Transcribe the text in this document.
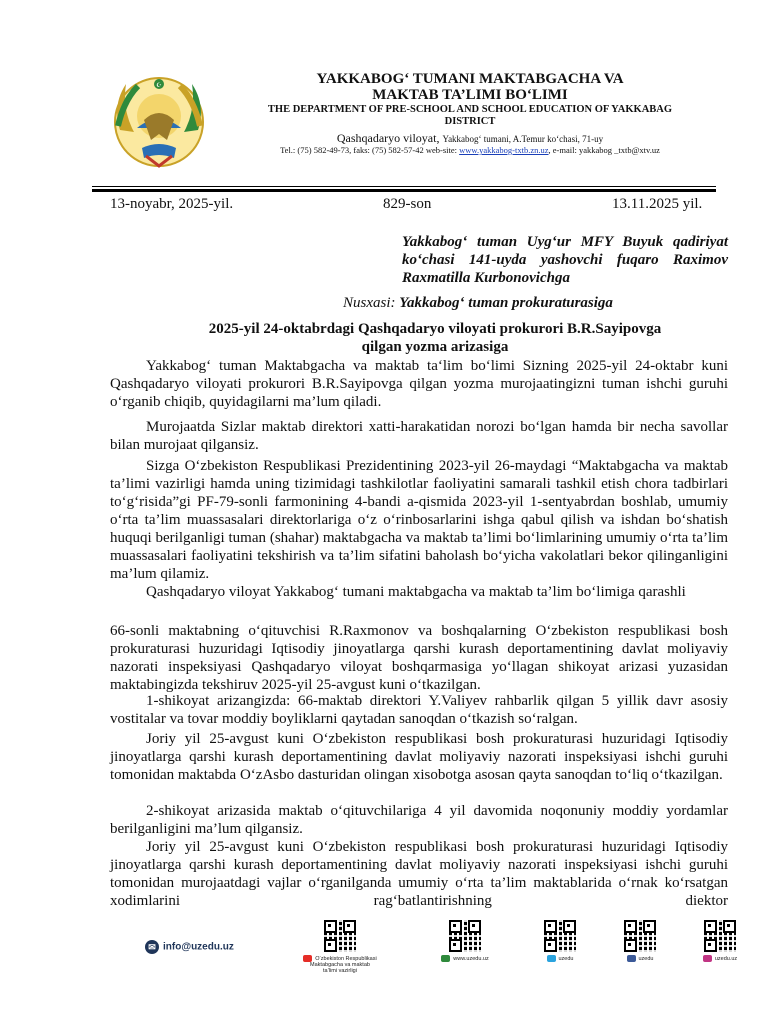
☪	YAKKABOG‘ TUMANI MAKTABGACHA VA
MAKTAB TA’LIMI BO‘LIMI
THE DEPARTMENT OF PRE-SCHOOL AND SCHOOL EDUCATION OF YAKKABAG
DISTRICT
Qashqadaryo viloyat, Yakkabog‘ tumani, A.Temur ko‘chasi, 71-uy
Tel.: (75) 582-49-73, faks: (75) 582-57-42 web-site: www.yakkabog-txtb.zn.uz, e-mail: yakkabog _txtb@xtv.uz
13-noyabr, 2025-yil.	829-son	13.11.2025 yil.
Yakkabog‘ tuman Uyg‘ur MFY Buyuk qadiriyat ko‘chasi 141-uyda yashovchi fuqaro Raximov Raxmatilla Kurbonovichga
Nusxasi: Yakkabog‘ tuman prokuraturasiga
2025-yil 24-oktabrdagi Qashqadaryo viloyati prokurori B.R.Sayipovga
qilgan yozma arizasiga

Yakkabog‘ tuman Maktabgacha va maktab ta‘lim bo‘limi Sizning 2025-yil 24-oktabr kuni Qashqadaryo viloyati prokurori B.R.Sayipovga qilgan yozma murojaatingizni tuman ishchi guruhi o‘rganib chiqib, quyidagilarni ma’lum qiladi.

Murojaatda Sizlar maktab direktori xatti-harakatidan norozi bo‘lgan hamda bir necha savollar bilan murojaat qilgansiz.

Sizga O‘zbekiston Respublikasi Prezidentining 2023-yil 26-maydagi “Maktabgacha va maktab ta’limi vazirligi hamda uning tizimidagi tashkilotlar faoliyatini samarali tashkil etish chora tadbirlari to‘g‘risida”gi PF-79-sonli farmonining 4-bandi a-qismida 2023-yil 1-sentyabrdan boshlab, umumiy o‘rta ta’lim muassasalari direktorlariga o‘z o‘rinbosarlarini ishga qabul qilish va ishdan bo‘shatish huquqi berilganligi tuman (shahar) maktabgacha va maktab ta’limi bo‘limlarining umumiy o‘rta ta’lim muassasalari faoliyatini tekshirish va ta’lim sifatini baholash bo‘yicha vakolatlari bekor qilinganligini ma’lum qilamiz.

Qashqadaryo viloyat Yakkabog‘ tumani maktabgacha va maktab ta’lim bo‘limiga qarashli

66-sonli maktabning o‘qituvchisi R.Raxmonov va boshqalarning O‘zbekiston respublikasi bosh prokuraturasi huzuridagi Iqtisodiy jinoyatlarga qarshi kurash deportamentining davlat moliyaviy nazorati inspeksiyasi Qashqadaryo viloyat boshqarmasiga yo‘llagan shikoyat arizasi yuzasidan maktabingizda tekshiruv 2025-yil 25-avgust kuni o‘tkazilgan.

1-shikoyat arizangizda: 66-maktab direktori Y.Valiyev rahbarlik qilgan 5 yillik davr asosiy vostitalar va tovar moddiy boyliklarni qaytadan sanoqdan o‘tkazish so‘ralgan.

Joriy yil 25-avgust kuni O‘zbekiston respublikasi bosh prokuraturasi huzuridagi Iqtisodiy jinoyatlarga qarshi kurash deportamentining davlat moliyaviy nazorati inspeksiyasi ishchi guruhi tomonidan maktabda O‘zAsbo dasturidan olingan xisobotga asosan qayta sanoqdan to‘liq o‘tkazilgan.

2-shikoyat arizasida maktab o‘qituvchilariga 4 yil davomida noqonuniy moddiy yordamlar berilganligini ma’lum qilgansiz.

Joriy yil 25-avgust kuni O‘zbekiston respublikasi bosh prokuraturasi huzuridagi Iqtisodiy jinoyatlarga qarshi kurash deportamentining davlat moliyaviy nazorati inspeksiyasi ishchi guruhi tomonidan murojaatdagi vajlar o‘rganilganda umumiy o‘rta ta’lim maktablarida o‘rnak ko‘rsatgan xodimlarini rag‘batlantirishning diektor

✉ info@uzedu.uz
O‘zbekiston Respublikasi
Maktabgacha va maktab
ta’limi vazirligi
www.uzedu.uz	uzedu	uzedu	uzedu.uz
